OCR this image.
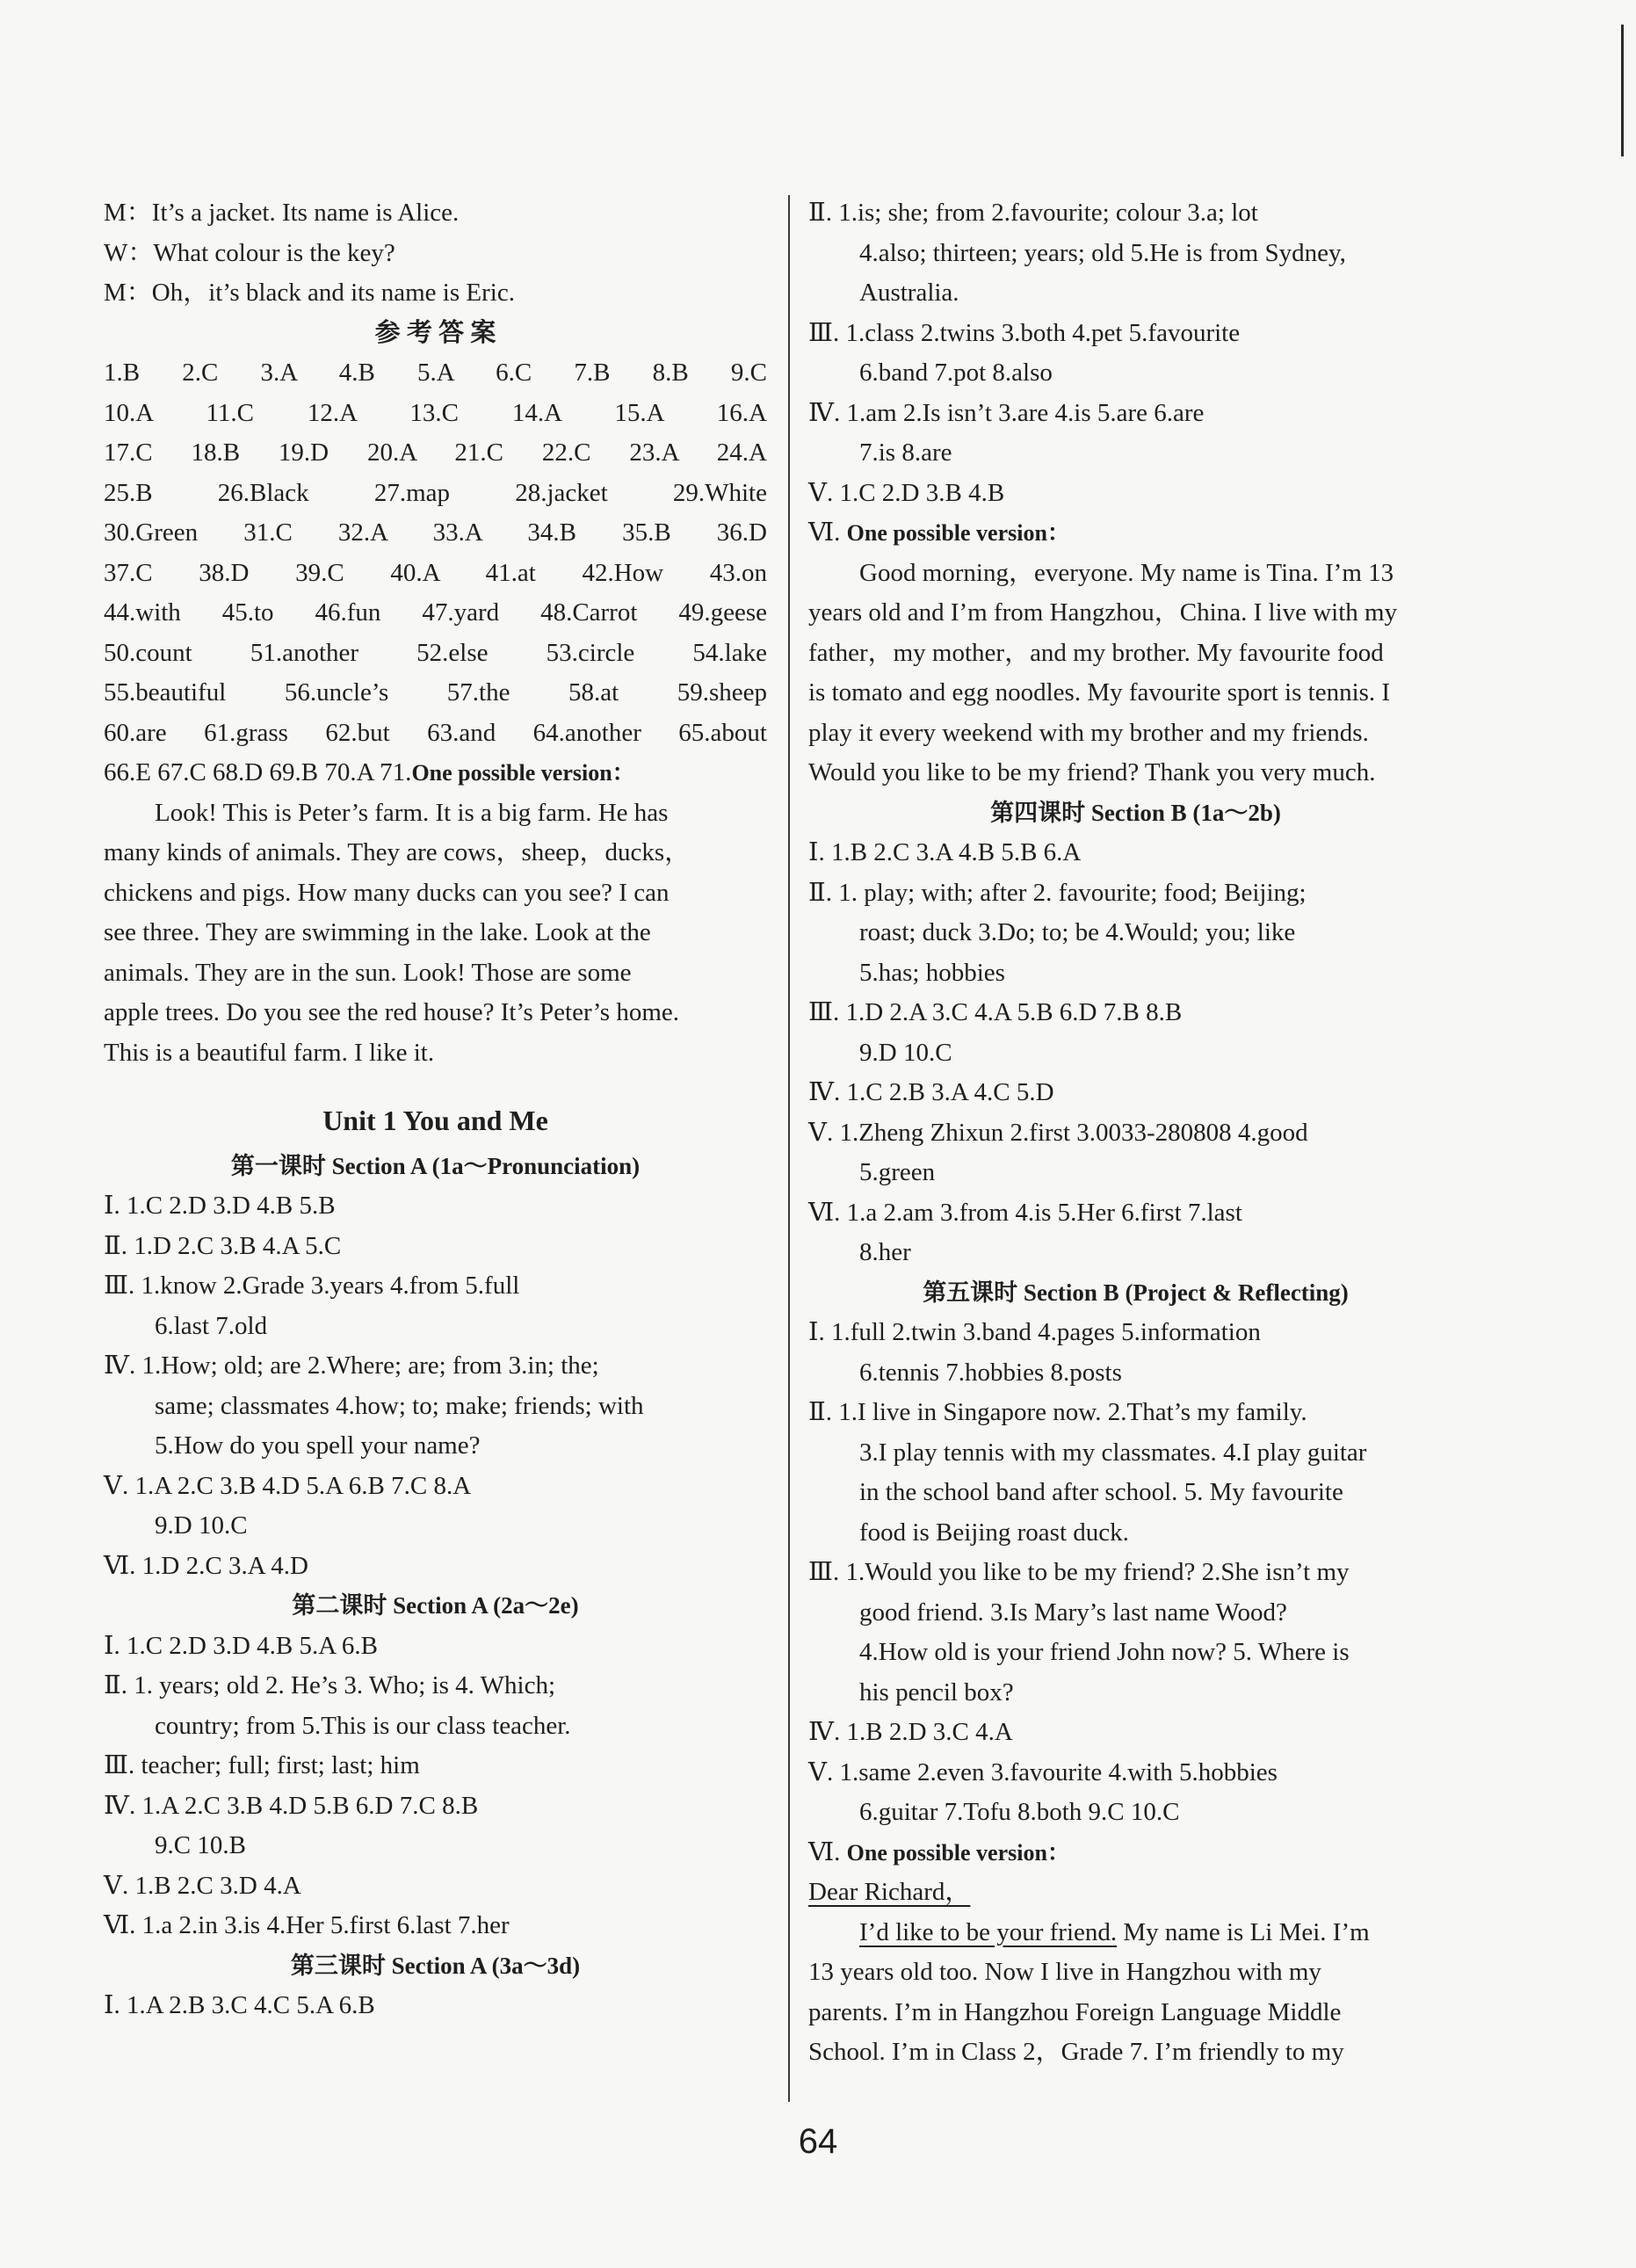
M：It’s a jacket. Its name is Alice.
W：What colour is the key?
M：Oh，it’s black and its name is Eric.
参 考 答 案
1.B 2.C 3.A 4.B 5.A 6.C 7.B 8.B 9.C
10.A 11.C 12.A 13.C 14.A 15.A 16.A
17.C 18.B 19.D 20.A 21.C 22.C 23.A 24.A
25.B 26.Black 27.map 28.jacket 29.White
30.Green 31.C 32.A 33.A 34.B 35.B 36.D
37.C 38.D 39.C 40.A 41.at 42.How 43.on
44.with 45.to 46.fun 47.yard 48.Carrot 49.geese
50.count 51.another 52.else 53.circle 54.lake
55.beautiful 56.uncle’s 57.the 58.at 59.sheep
60.are 61.grass 62.but 63.and 64.another 65.about
66.E 67.C 68.D 69.B 70.A 71.One possible version：
Look! This is Peter’s farm. It is a big farm. He has
many kinds of animals. They are cows，sheep，ducks，
chickens and pigs. How many ducks can you see? I can
see three. They are swimming in the lake. Look at the
animals. They are in the sun. Look! Those are some
apple trees. Do you see the red house? It’s Peter’s home.
This is a beautiful farm. I like it.
Unit 1 You and Me
第一课时 Section A (1a～Pronunciation)
Ⅰ. 1.C 2.D 3.D 4.B 5.B
Ⅱ. 1.D 2.C 3.B 4.A 5.C
Ⅲ. 1.know 2.Grade 3.years 4.from 5.full
6.last 7.old
Ⅳ. 1.How; old; are 2.Where; are; from 3.in; the;
same; classmates 4.how; to; make; friends; with
5.How do you spell your name?
Ⅴ. 1.A 2.C 3.B 4.D 5.A 6.B 7.C 8.A
9.D 10.C
Ⅵ. 1.D 2.C 3.A 4.D
第二课时 Section A (2a～2e)
Ⅰ. 1.C 2.D 3.D 4.B 5.A 6.B
Ⅱ. 1. years; old 2. He’s 3. Who; is 4. Which;
country; from 5.This is our class teacher.
Ⅲ. teacher; full; first; last; him
Ⅳ. 1.A 2.C 3.B 4.D 5.B 6.D 7.C 8.B
9.C 10.B
Ⅴ. 1.B 2.C 3.D 4.A
Ⅵ. 1.a 2.in 3.is 4.Her 5.first 6.last 7.her
第三课时 Section A (3a～3d)
Ⅰ. 1.A 2.B 3.C 4.C 5.A 6.B
Ⅱ. 1.is; she; from 2.favourite; colour 3.a; lot
4.also; thirteen; years; old 5.He is from Sydney,
Australia.
Ⅲ. 1.class 2.twins 3.both 4.pet 5.favourite
6.band 7.pot 8.also
Ⅳ. 1.am 2.Is isn’t 3.are 4.is 5.are 6.are
7.is 8.are
Ⅴ. 1.C 2.D 3.B 4.B
Ⅵ. One possible version：
Good morning，everyone. My name is Tina. I’m 13
years old and I’m from Hangzhou，China. I live with my
father，my mother，and my brother. My favourite food
is tomato and egg noodles. My favourite sport is tennis. I
play it every weekend with my brother and my friends.
Would you like to be my friend? Thank you very much.
第四课时 Section B (1a～2b)
Ⅰ. 1.B 2.C 3.A 4.B 5.B 6.A
Ⅱ. 1. play; with; after 2. favourite; food; Beijing;
roast; duck 3.Do; to; be 4.Would; you; like
5.has; hobbies
Ⅲ. 1.D 2.A 3.C 4.A 5.B 6.D 7.B 8.B
9.D 10.C
Ⅳ. 1.C 2.B 3.A 4.C 5.D
Ⅴ. 1.Zheng Zhixun 2.first 3.0033-280808 4.good
5.green
Ⅵ. 1.a 2.am 3.from 4.is 5.Her 6.first 7.last
8.her
第五课时 Section B (Project & Reflecting)
Ⅰ. 1.full 2.twin 3.band 4.pages 5.information
6.tennis 7.hobbies 8.posts
Ⅱ. 1.I live in Singapore now. 2.That’s my family.
3.I play tennis with my classmates. 4.I play guitar
in the school band after school. 5. My favourite
food is Beijing roast duck.
Ⅲ. 1.Would you like to be my friend? 2.She isn’t my
good friend. 3.Is Mary’s last name Wood?
4.How old is your friend John now? 5. Where is
his pencil box?
Ⅳ. 1.B 2.D 3.C 4.A
Ⅴ. 1.same 2.even 3.favourite 4.with 5.hobbies
6.guitar 7.Tofu 8.both 9.C 10.C
Ⅵ. One possible version：
Dear Richard，
I’d like to be your friend. My name is Li Mei. I’m
13 years old too. Now I live in Hangzhou with my
parents. I’m in Hangzhou Foreign Language Middle
School. I’m in Class 2，Grade 7. I’m friendly to my
64
